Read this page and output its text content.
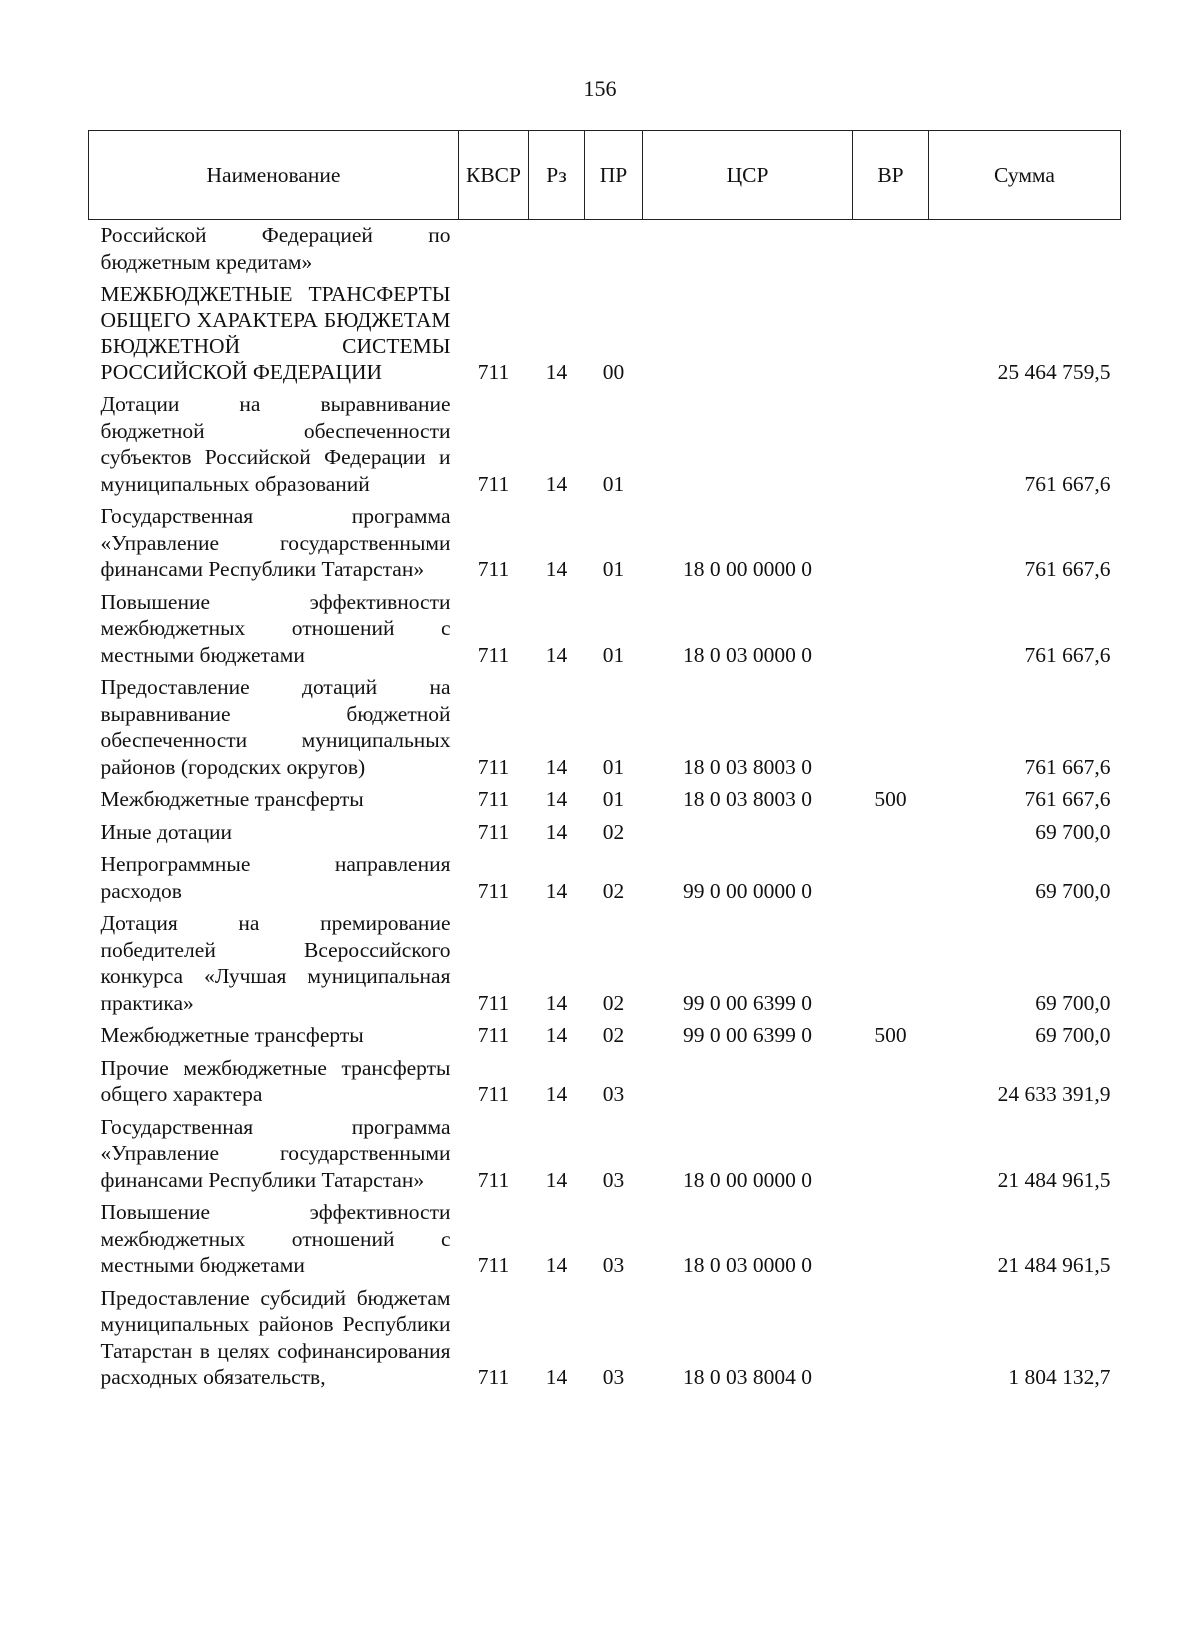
156
Наименование	КВСР	Рз	ПР	ЦСР	ВР	Сумма
Российской Федерацией по бюджетным кредитам»						
МЕЖБЮДЖЕТНЫЕ ТРАНСФЕРТЫ ОБЩЕГО ХАРАКТЕРА БЮДЖЕТАМ БЮДЖЕТНОЙ СИСТЕМЫ РОССИЙСКОЙ ФЕДЕРАЦИИ	711	14	00			25 464 759,5
Дотации на выравнивание бюджетной обеспеченности субъектов Российской Федерации и муниципальных образований	711	14	01			761 667,6
Государственная программа «Управление государственными финансами Республики Татарстан»	711	14	01	18 0 00 0000 0		761 667,6
Повышение эффективности межбюджетных отношений с местными бюджетами	711	14	01	18 0 03 0000 0		761 667,6
Предоставление дотаций на выравнивание бюджетной обеспеченности муниципальных районов (городских округов)	711	14	01	18 0 03 8003 0		761 667,6
Межбюджетные трансферты	711	14	01	18 0 03 8003 0	500	761 667,6
Иные дотации	711	14	02			69 700,0
Непрограммные направления расходов	711	14	02	99 0 00 0000 0		69 700,0
Дотация на премирование победителей Всероссийского конкурса «Лучшая муниципальная практика»	711	14	02	99 0 00 6399 0		69 700,0
Межбюджетные трансферты	711	14	02	99 0 00 6399 0	500	69 700,0
Прочие межбюджетные трансферты общего характера	711	14	03			24 633 391,9
Государственная программа «Управление государственными финансами Республики Татарстан»	711	14	03	18 0 00 0000 0		21 484 961,5
Повышение эффективности межбюджетных отношений с местными бюджетами	711	14	03	18 0 03 0000 0		21 484 961,5
Предоставление субсидий бюджетам муниципальных районов Республики Татарстан в целях софинансирования расходных обязательств,	711	14	03	18 0 03 8004 0		1 804 132,7
